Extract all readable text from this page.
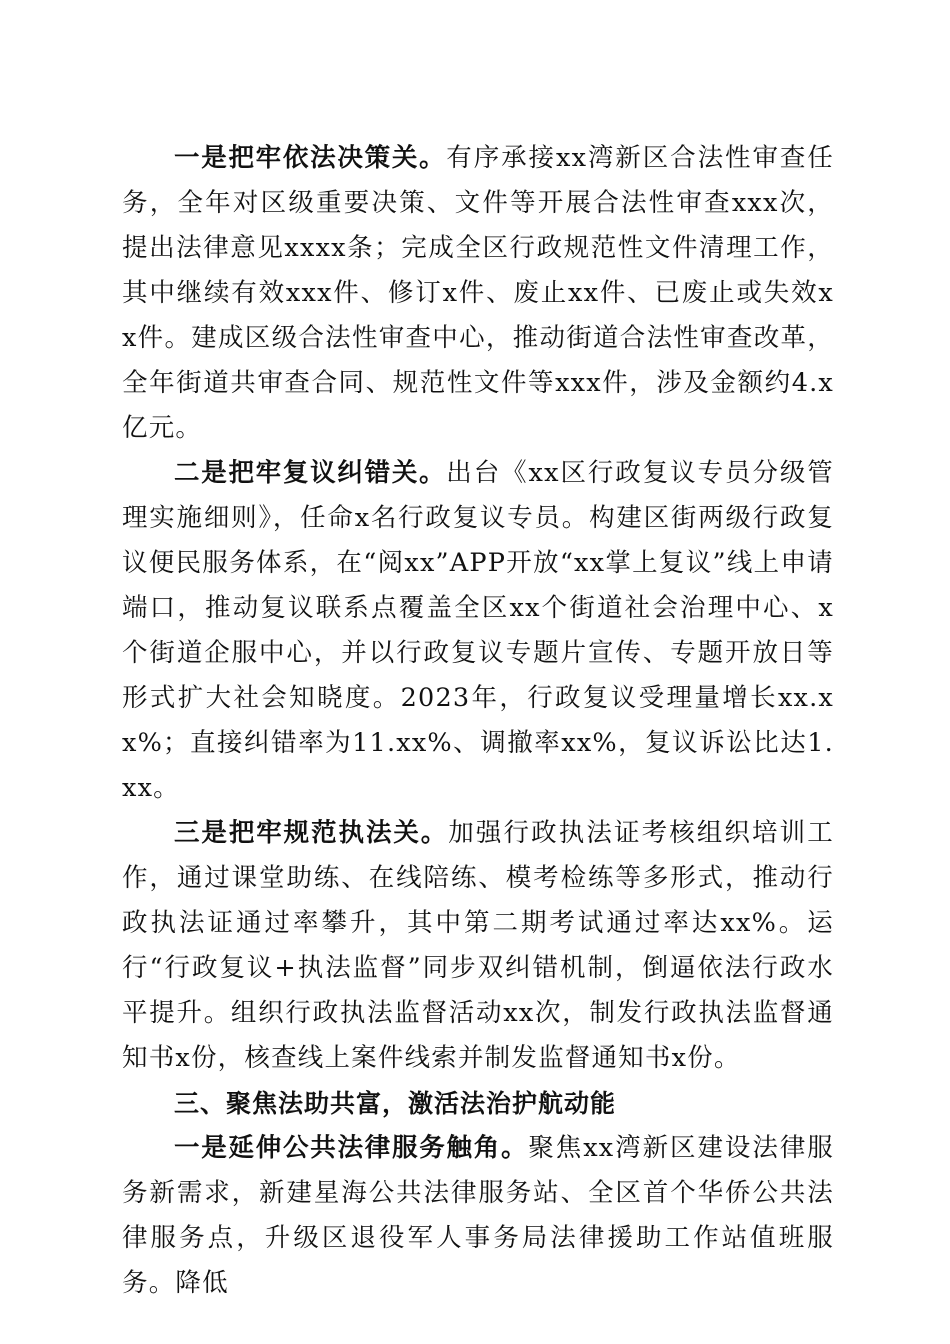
一是把牢依法决策关。有序承接xx湾新区合法性审查任务，全年对区级重要决策、文件等开展合法性审查xxx次，提出法律意见xxxx条；完成全区行政规范性文件清理工作，其中继续有效xxx件、修订x件、废止xx件、已废止或失效xx件。建成区级合法性审查中心，推动街道合法性审查改革，全年街道共审查合同、规范性文件等xxx件，涉及金额约4.x亿元。

二是把牢复议纠错关。出台《xx区行政复议专员分级管理实施细则》，任命x名行政复议专员。构建区街两级行政复议便民服务体系，在“阅xx”APP开放“xx掌上复议”线上申请端口，推动复议联系点覆盖全区xx个街道社会治理中心、x个街道企服中心，并以行政复议专题片宣传、专题开放日等形式扩大社会知晓度。2023年，行政复议受理量增长xx.xx%；直接纠错率为11.xx%、调撤率xx%，复议诉讼比达1.xx。

三是把牢规范执法关。加强行政执法证考核组织培训工作，通过课堂助练、在线陪练、模考检练等多形式，推动行政执法证通过率攀升，其中第二期考试通过率达xx%。运行“行政复议+执法监督”同步双纠错机制，倒逼依法行政水平提升。组织行政执法监督活动xx次，制发行政执法监督通知书x份，核查线上案件线索并制发监督通知书x份。

三、聚焦法助共富，激活法治护航动能

一是延伸公共法律服务触角。聚焦xx湾新区建设法律服务新需求，新建星海公共法律服务站、全区首个华侨公共法律服务点，升级区退役军人事务局法律援助工作站值班服务。降低
